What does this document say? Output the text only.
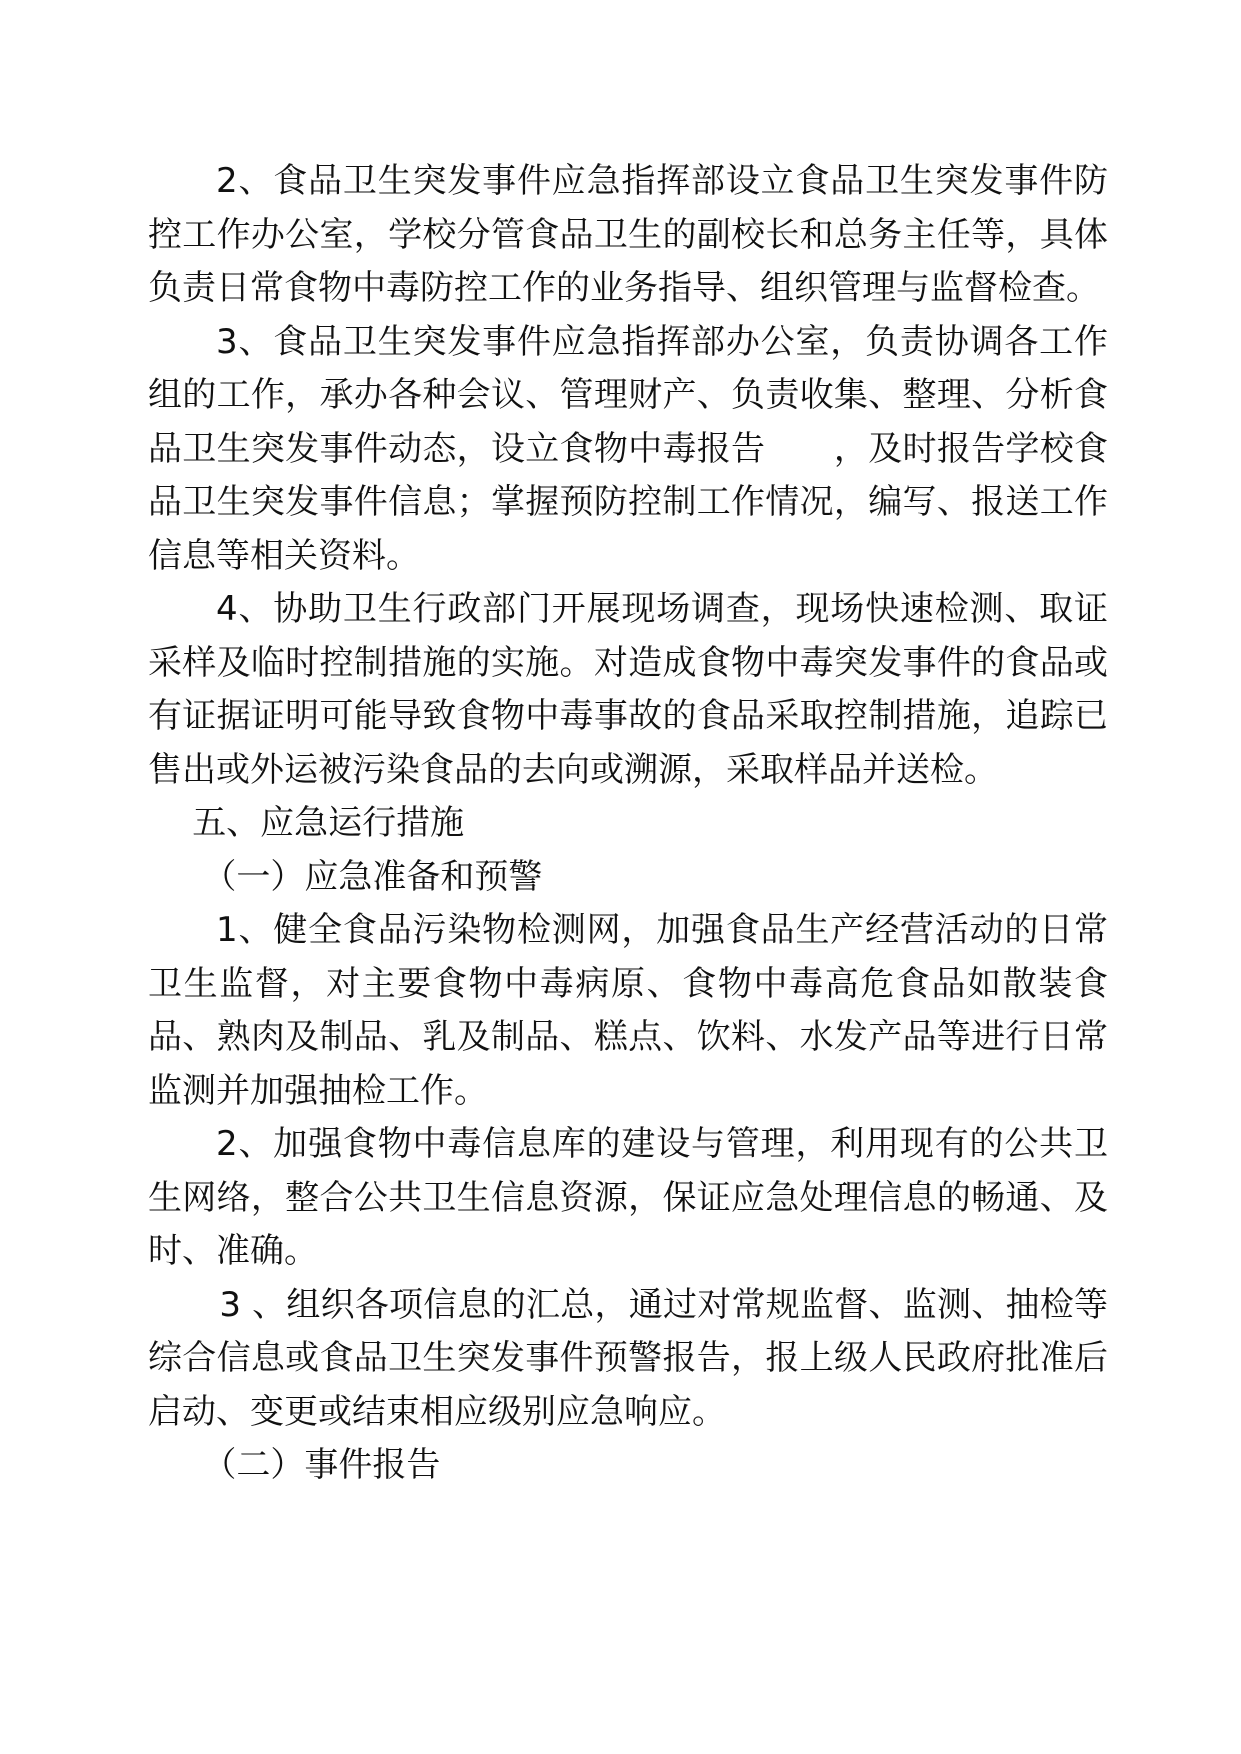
2、食品卫生突发事件应急指挥部设立食品卫生突发事件防控工作办公室，学校分管食品卫生的副校长和总务主任等，具体负责日常食物中毒防控工作的业务指导、组织管理与监督检查。

3、食品卫生突发事件应急指挥部办公室，负责协调各工作组的工作，承办各种会议、管理财产、负责收集、整理、分析食品卫生突发事件动态，设立食物中毒报告　　，及时报告学校食品卫生突发事件信息；掌握预防控制工作情况，编写、报送工作信息等相关资料。

4、协助卫生行政部门开展现场调查，现场快速检测、取证采样及临时控制措施的实施。对造成食物中毒突发事件的食品或有证据证明可能导致食物中毒事故的食品采取控制措施，追踪已售出或外运被污染食品的去向或溯源，采取样品并送检。

五、应急运行措施

（一）应急准备和预警

1、健全食品污染物检测网，加强食品生产经营活动的日常卫生监督，对主要食物中毒病原、食物中毒高危食品如散装食品、熟肉及制品、乳及制品、糕点、饮料、水发产品等进行日常监测并加强抽检工作。

2、加强食物中毒信息库的建设与管理，利用现有的公共卫生网络，整合公共卫生信息资源，保证应急处理信息的畅通、及时、准确。

3 、组织各项信息的汇总，通过对常规监督、监测、抽检等综合信息或食品卫生突发事件预警报告，报上级人民政府批准后启动、变更或结束相应级别应急响应。

（二）事件报告
